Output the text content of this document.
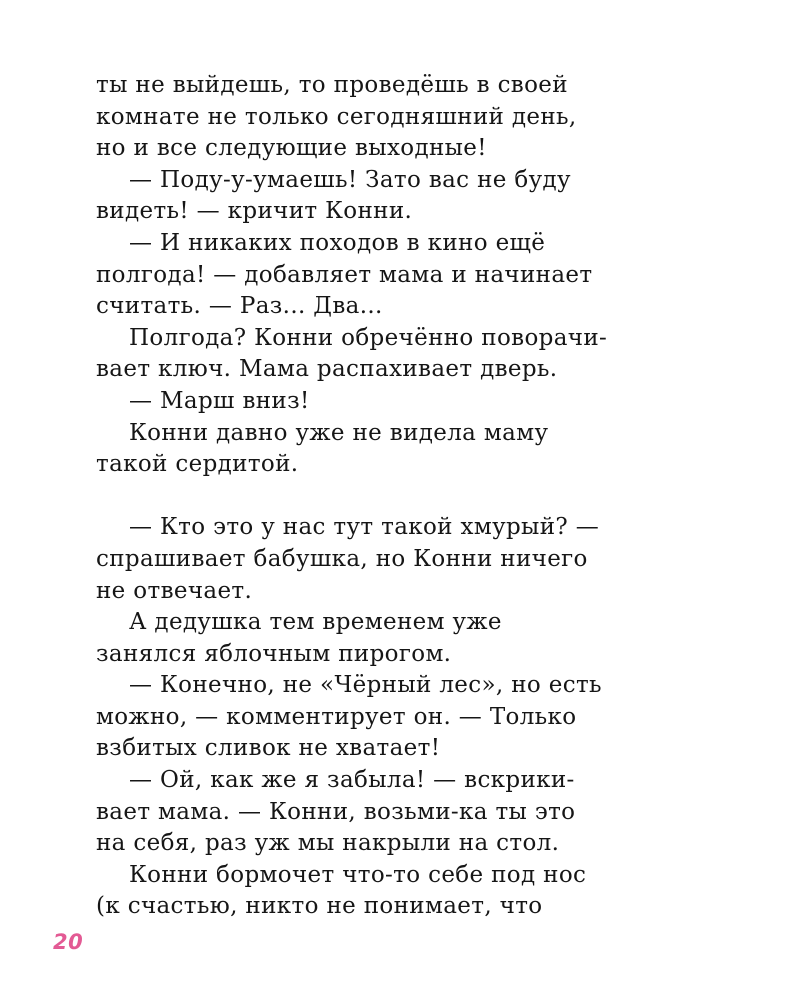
ты не выйдешь, то проведёшь в своей
комнате не только сегодняшний день,
но и все следующие выходные!
— Поду-у-умаешь! Зато вас не буду
видеть! — кричит Конни.
— И никаких походов в кино ещё
полгода! — добавляет мама и начинает
считать. — Раз... Два...
Полгода? Конни обречённо поворачи-
вает ключ. Мама распахивает дверь.
— Марш вниз!
Конни давно уже не видела маму
такой сердитой.
— Кто это у нас тут такой хмурый? —
спрашивает бабушка, но Конни ничего
не отвечает.
А дедушка тем временем уже
занялся яблочным пирогом.
— Конечно, не «Чёрный лес», но есть
можно, — комментирует он. — Только
взбитых сливок не хватает!
— Ой, как же я забыла! — вскрики-
вает мама. — Конни, возьми-ка ты это
на себя, раз уж мы накрыли на стол.
Конни бормочет что-то себе под нос
(к счастью, никто не понимает, что
20
